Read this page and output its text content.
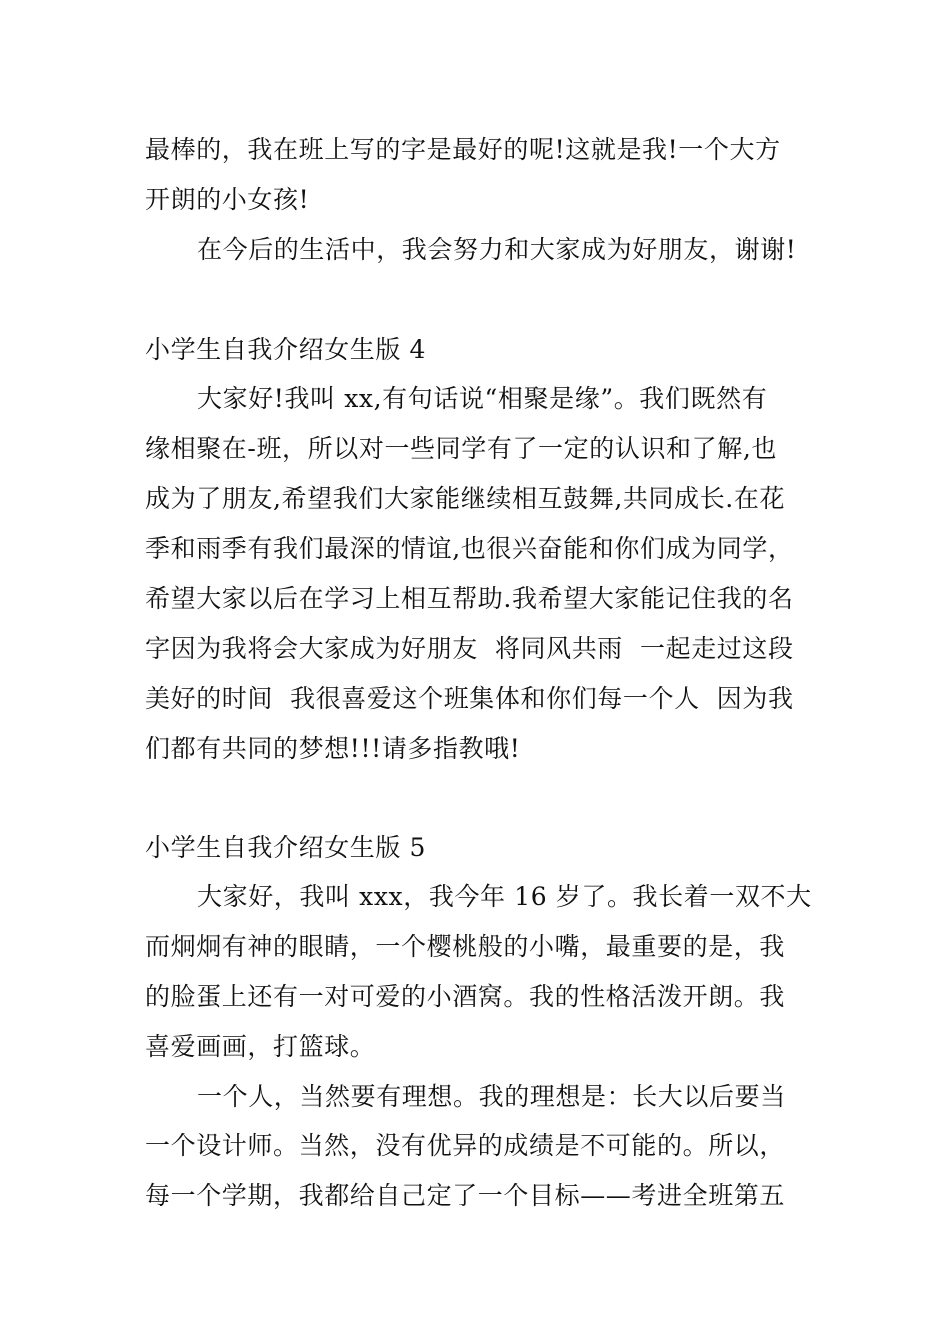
最棒的，我在班上写的字是最好的呢!这就是我!一个大方
开朗的小女孩!
在今后的生活中，我会努力和大家成为好朋友，谢谢!
小学生自我介绍女生版 4
大家好!我叫 xx,有句话说“相聚是缘”。我们既然有
缘相聚在-班，所以对一些同学有了一定的认识和了解,也
成为了朋友,希望我们大家能继续相互鼓舞,共同成长.在花
季和雨季有我们最深的情谊,也很兴奋能和你们成为同学，
希望大家以后在学习上相互帮助.我希望大家能记住我的名
字因为我将会大家成为好朋友  将同风共雨  一起走过这段
美好的时间  我很喜爱这个班集体和你们每一个人  因为我
们都有共同的梦想!!!请多指教哦!
小学生自我介绍女生版 5
大家好，我叫 xxx，我今年 16 岁了。我长着一双不大
而炯炯有神的眼睛，一个樱桃般的小嘴，最重要的是，我
的脸蛋上还有一对可爱的小酒窝。我的性格活泼开朗。我
喜爱画画，打篮球。
一个人，当然要有理想。我的理想是：长大以后要当
一个设计师。当然，没有优异的成绩是不可能的。所以，
每一个学期，我都给自己定了一个目标——考进全班第五
